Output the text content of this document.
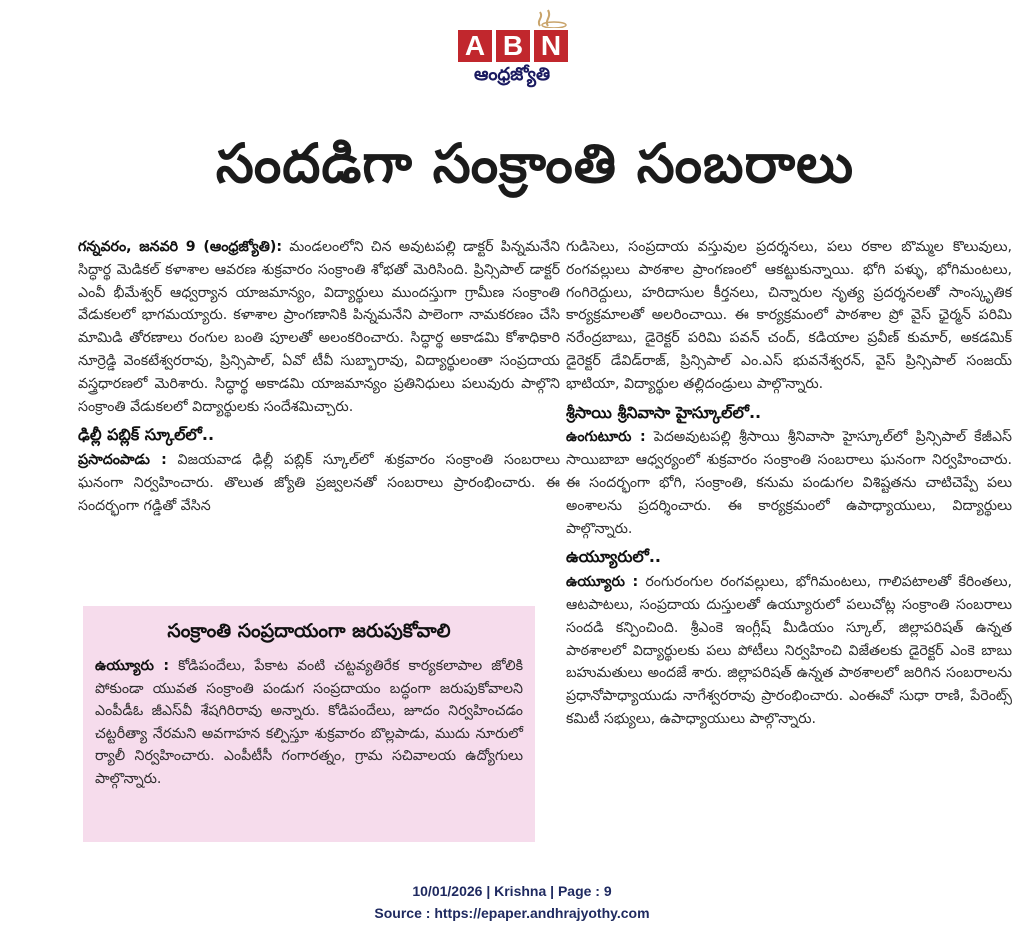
A B N
ఆంధ్రజ్యోతి
సందడిగా సంక్రాంతి సంబరాలు

గన్నవరం, జనవరి 9 (ఆంధ్రజ్యోతి): మండలంలోని చిన అవుటపల్లి డాక్టర్ పిన్నమనేని సిద్ధార్థ మెడికల్ కళాశాల ఆవరణ శుక్రవారం సంక్రాంతి శోభతో మెరిసింది. ప్రిన్సిపాల్ డాక్టర్ ఎంవీ భీమేశ్వర్ ఆధ్వర్యాన యాజమాన్యం, విద్యార్థులు ముందస్తుగా గ్రామీణ సంక్రాంతి వేడుకలలో భాగమయ్యారు. కళాశాల ప్రాంగణానికి పిన్నమనేని పాలెంగా నామకరణం చేసి మామిడి తోరణాలు రంగుల బంతి పూలతో అలంకరించారు. సిద్ధార్థ అకాడమి కోశాధికారి నూర్రెడ్డి వెంకటేశ్వరరావు, ప్రిన్సిపాల్, ఏవో టీవీ సుబ్బారావు, విద్యార్థులంతా సంప్రదాయ వస్త్రధారణలో మెరిశారు. సిద్ధార్థ అకాడమి యాజమాన్యం ప్రతినిధులు పలువురు పాల్గొని సంక్రాంతి వేడుకలలో విద్యార్థులకు సందేశమిచ్చారు.

ఢిల్లీ పబ్లిక్ స్కూల్‌లో..

ప్రసాదంపాడు : విజయవాడ ఢిల్లీ పబ్లిక్ స్కూల్‌లో శుక్రవారం సంక్రాంతి సంబరాలు ఘనంగా నిర్వహించారు. తొలుత జ్యోతి ప్రజ్వలనతో సంబరాలు ప్రారంభించారు. ఈ సందర్భంగా గడ్డితో వేసిన

సంక్రాంతి సంప్రదాయంగా జరుపుకోవాలి
ఉయ్యూరు : కోడిపందేలు, పేకాట వంటి చట్టవ్యతిరేక కార్యకలాపాల జోలికి పోకుండా యువత సంక్రాంతి పండుగ సంప్రదాయం బద్ధంగా జరుపుకోవాలని ఎంపీడీఓ జీఎస్‌వీ శేషగిరిరావు అన్నారు. కోడిపందేలు, జూదం నిర్వహించడం చట్టరీత్యా నేరమని అవగాహన కల్పిస్తూ శుక్రవారం బొల్లపాడు, ముదు నూరులో ర్యాలీ నిర్వహించారు. ఎంపీటీసీ గంగారత్నం, గ్రామ సచివాలయ ఉద్యోగులు పాల్గొన్నారు.

గుడిసెలు, సంప్రదాయ వస్తువుల ప్రదర్శనలు, పలు రకాల బొమ్మల కొలువులు, రంగవల్లులు పాఠశాల ప్రాంగణంలో ఆకట్టుకున్నాయి. భోగి పళ్ళు, భోగిమంటలు, గంగిరెద్దులు, హరిదాసుల కీర్తనలు, చిన్నారుల నృత్య ప్రదర్శనలతో సాంస్కృతిక కార్యక్రమాలతో అలరించాయి. ఈ కార్యక్రమంలో పాఠశాల ప్రో వైస్ ఛైర్మన్ పరిమి నరేంద్రబాబు, డైరెక్టర్ పరిమి పవన్ చంద్, కడియాల ప్రవీణ్ కుమార్, అకడమిక్ డైరెక్టర్ డేవిడ్‌రాజ్, ప్రిన్సిపాల్ ఎం.ఎస్ భువనేశ్వరన్, వైస్ ప్రిన్సిపాల్ సంజయ్ భాటియా, విద్యార్థుల తల్లిదండ్రులు పాల్గొన్నారు.

శ్రీసాయి శ్రీనివాసా హైస్కూల్‌లో..

ఉంగుటూరు : పెదఅవుటపల్లి శ్రీసాయి శ్రీనివాసా హైస్కూల్‌లో ప్రిన్సిపాల్ కేజీఎస్ సాయిబాబా ఆధ్వర్యంలో శుక్రవారం సంక్రాంతి సంబరాలు ఘనంగా నిర్వహించారు. ఈ సందర్భంగా భోగి, సంక్రాంతి, కనుమ పండుగల విశిష్టతను చాటిచెప్పే పలు అంశాలను ప్రదర్శించారు. ఈ కార్యక్రమంలో ఉపాధ్యాయులు, విద్యార్థులు పాల్గొన్నారు.

ఉయ్యూరులో..

ఉయ్యూరు : రంగురంగుల రంగవల్లులు, భోగిమంటలు, గాలిపటాలతో కేరింతలు, ఆటపాటలు, సంప్రదాయ దుస్తులతో ఉయ్యూరులో పలుచోట్ల సంక్రాంతి సంబరాలు సందడి కన్పించింది. శ్రీఎంకె ఇంగ్లీష్ మీడియం స్కూల్, జిల్లాపరిషత్ ఉన్నత పాఠశాలలో విద్యార్థులకు పలు పోటీలు నిర్వహించి విజేతలకు డైరెక్టర్ ఎంకె బాబు బహుమతులు అందజే శారు. జిల్లాపరిషత్ ఉన్నత పాఠశాలలో జరిగిన సంబరాలను ప్రధానోపాధ్యాయుడు నాగేశ్వరరావు ప్రారంభించారు. ఎంఈవో సుధా రాణి, పేరెంట్స్ కమిటీ సభ్యులు, ఉపాధ్యాయులు పాల్గొన్నారు.

10/01/2026 | Krishna | Page : 9
Source : https://epaper.andhrajyothy.com
